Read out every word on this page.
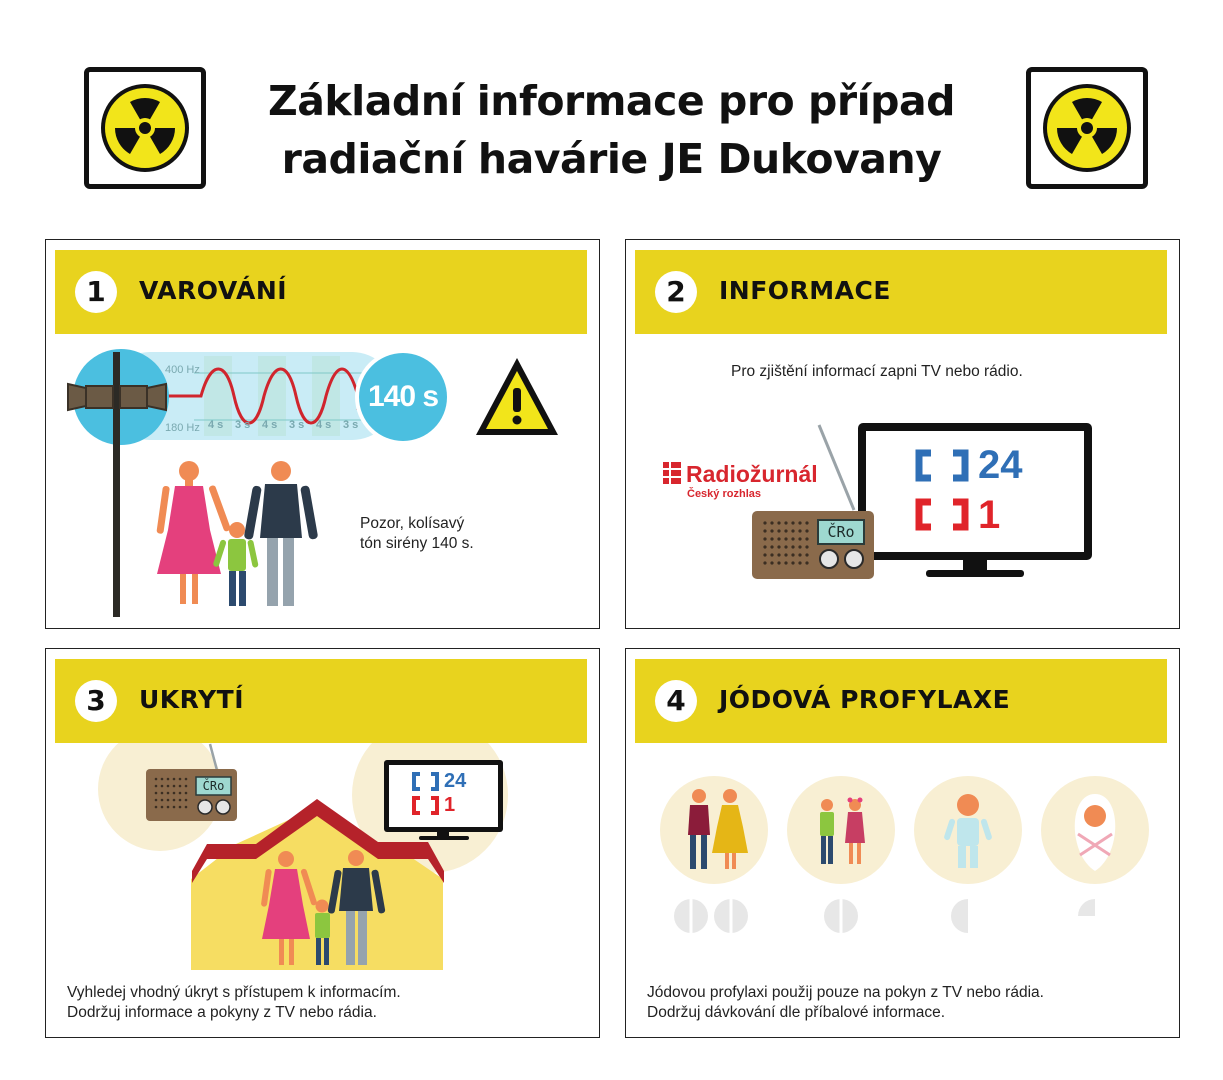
Základní informace pro případ
radiační havárie JE Dukovany
1	VAROVÁNÍ
400 Hz
180 Hz 4 s 3 s 4 s 3 s 4 s 3 s
140 s
Pozor, kolísavý
tón sirény 140 s.
2	INFORMACE
Pro zjištění informací zapni TV nebo rádio.
24
1
ČRo
Radiožurnál
Český rozhlas
3	UKRYTÍ
ČRo	24
1
Vyhledej vhodný úkryt s přístupem k informacím.
Dodržuj informace a pokyny z TV nebo rádia.
4	JÓDOVÁ PROFYLAXE
Jódovou profylaxi použij pouze na pokyn z TV nebo rádia.
Dodržuj dávkování dle příbalové informace.
